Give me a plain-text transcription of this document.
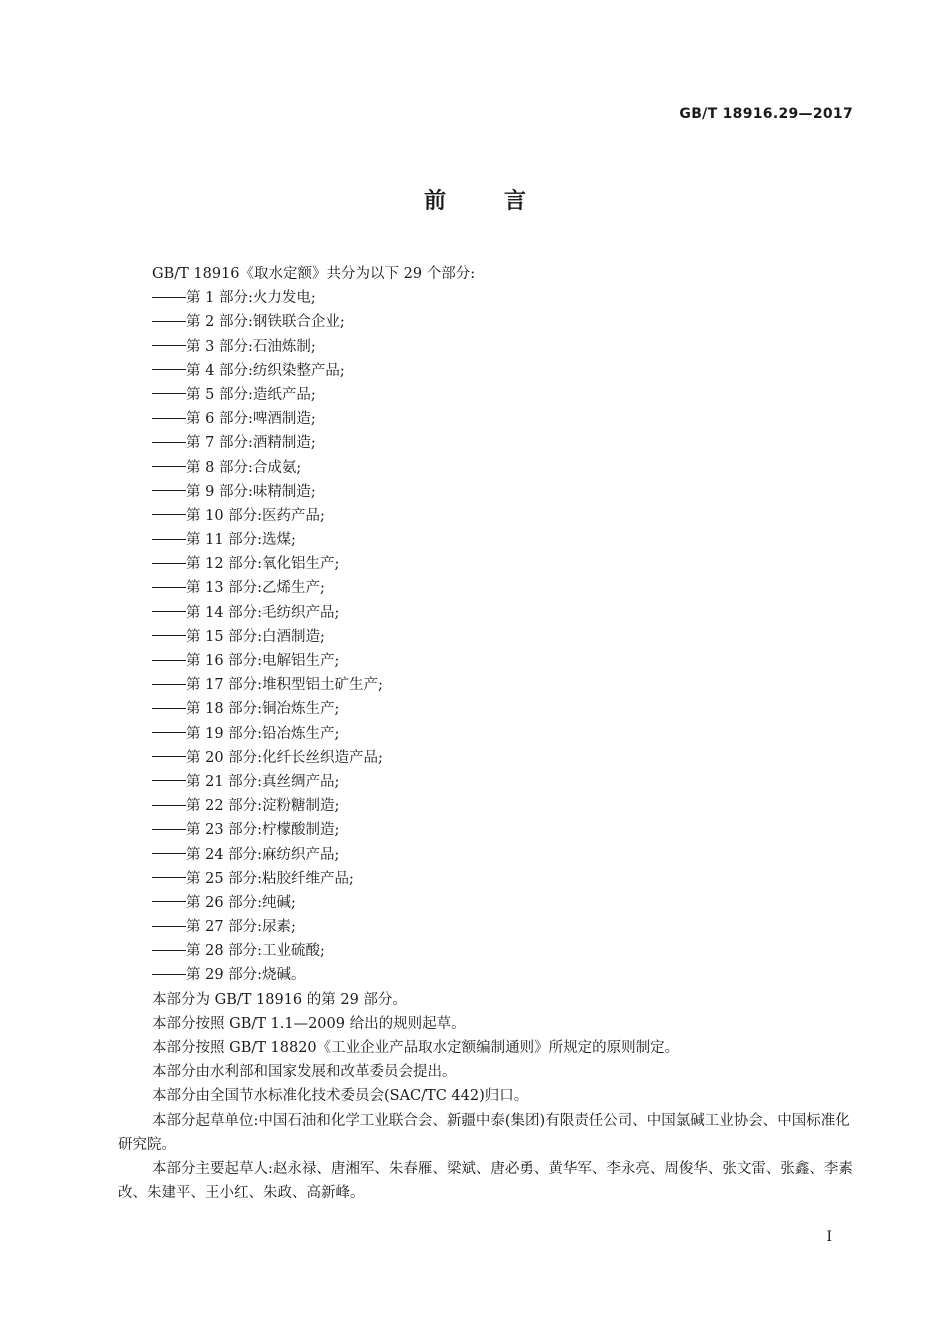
GB/T 18916.29—2017
前	言
GB/T 18916《取水定额》共分为以下 29 个部分:
第 1 部分:火力发电;
第 2 部分:钢铁联合企业;
第 3 部分:石油炼制;
第 4 部分:纺织染整产品;
第 5 部分:造纸产品;
第 6 部分:啤酒制造;
第 7 部分:酒精制造;
第 8 部分:合成氨;
第 9 部分:味精制造;
第 10 部分:医药产品;
第 11 部分:选煤;
第 12 部分:氧化铝生产;
第 13 部分:乙烯生产;
第 14 部分:毛纺织产品;
第 15 部分:白酒制造;
第 16 部分:电解铝生产;
第 17 部分:堆积型铝土矿生产;
第 18 部分:铜冶炼生产;
第 19 部分:铅冶炼生产;
第 20 部分:化纤长丝织造产品;
第 21 部分:真丝绸产品;
第 22 部分:淀粉糖制造;
第 23 部分:柠檬酸制造;
第 24 部分:麻纺织产品;
第 25 部分:粘胶纤维产品;
第 26 部分:纯碱;
第 27 部分:尿素;
第 28 部分:工业硫酸;
第 29 部分:烧碱。
本部分为 GB/T 18916 的第 29 部分。
本部分按照 GB/T 1.1—2009 给出的规则起草。
本部分按照 GB/T 18820《工业企业产品取水定额编制通则》所规定的原则制定。
本部分由水利部和国家发展和改革委员会提出。
本部分由全国节水标准化技术委员会(SAC/TC 442)归口。
本部分起草单位:中国石油和化学工业联合会、新疆中泰(集团)有限责任公司、中国氯碱工业协会、中国标准化研究院。
本部分主要起草人:赵永禄、唐湘军、朱春雁、梁斌、唐必勇、黄华军、李永亮、周俊华、张文雷、张鑫、李素改、朱建平、王小红、朱政、高新峰。
I
